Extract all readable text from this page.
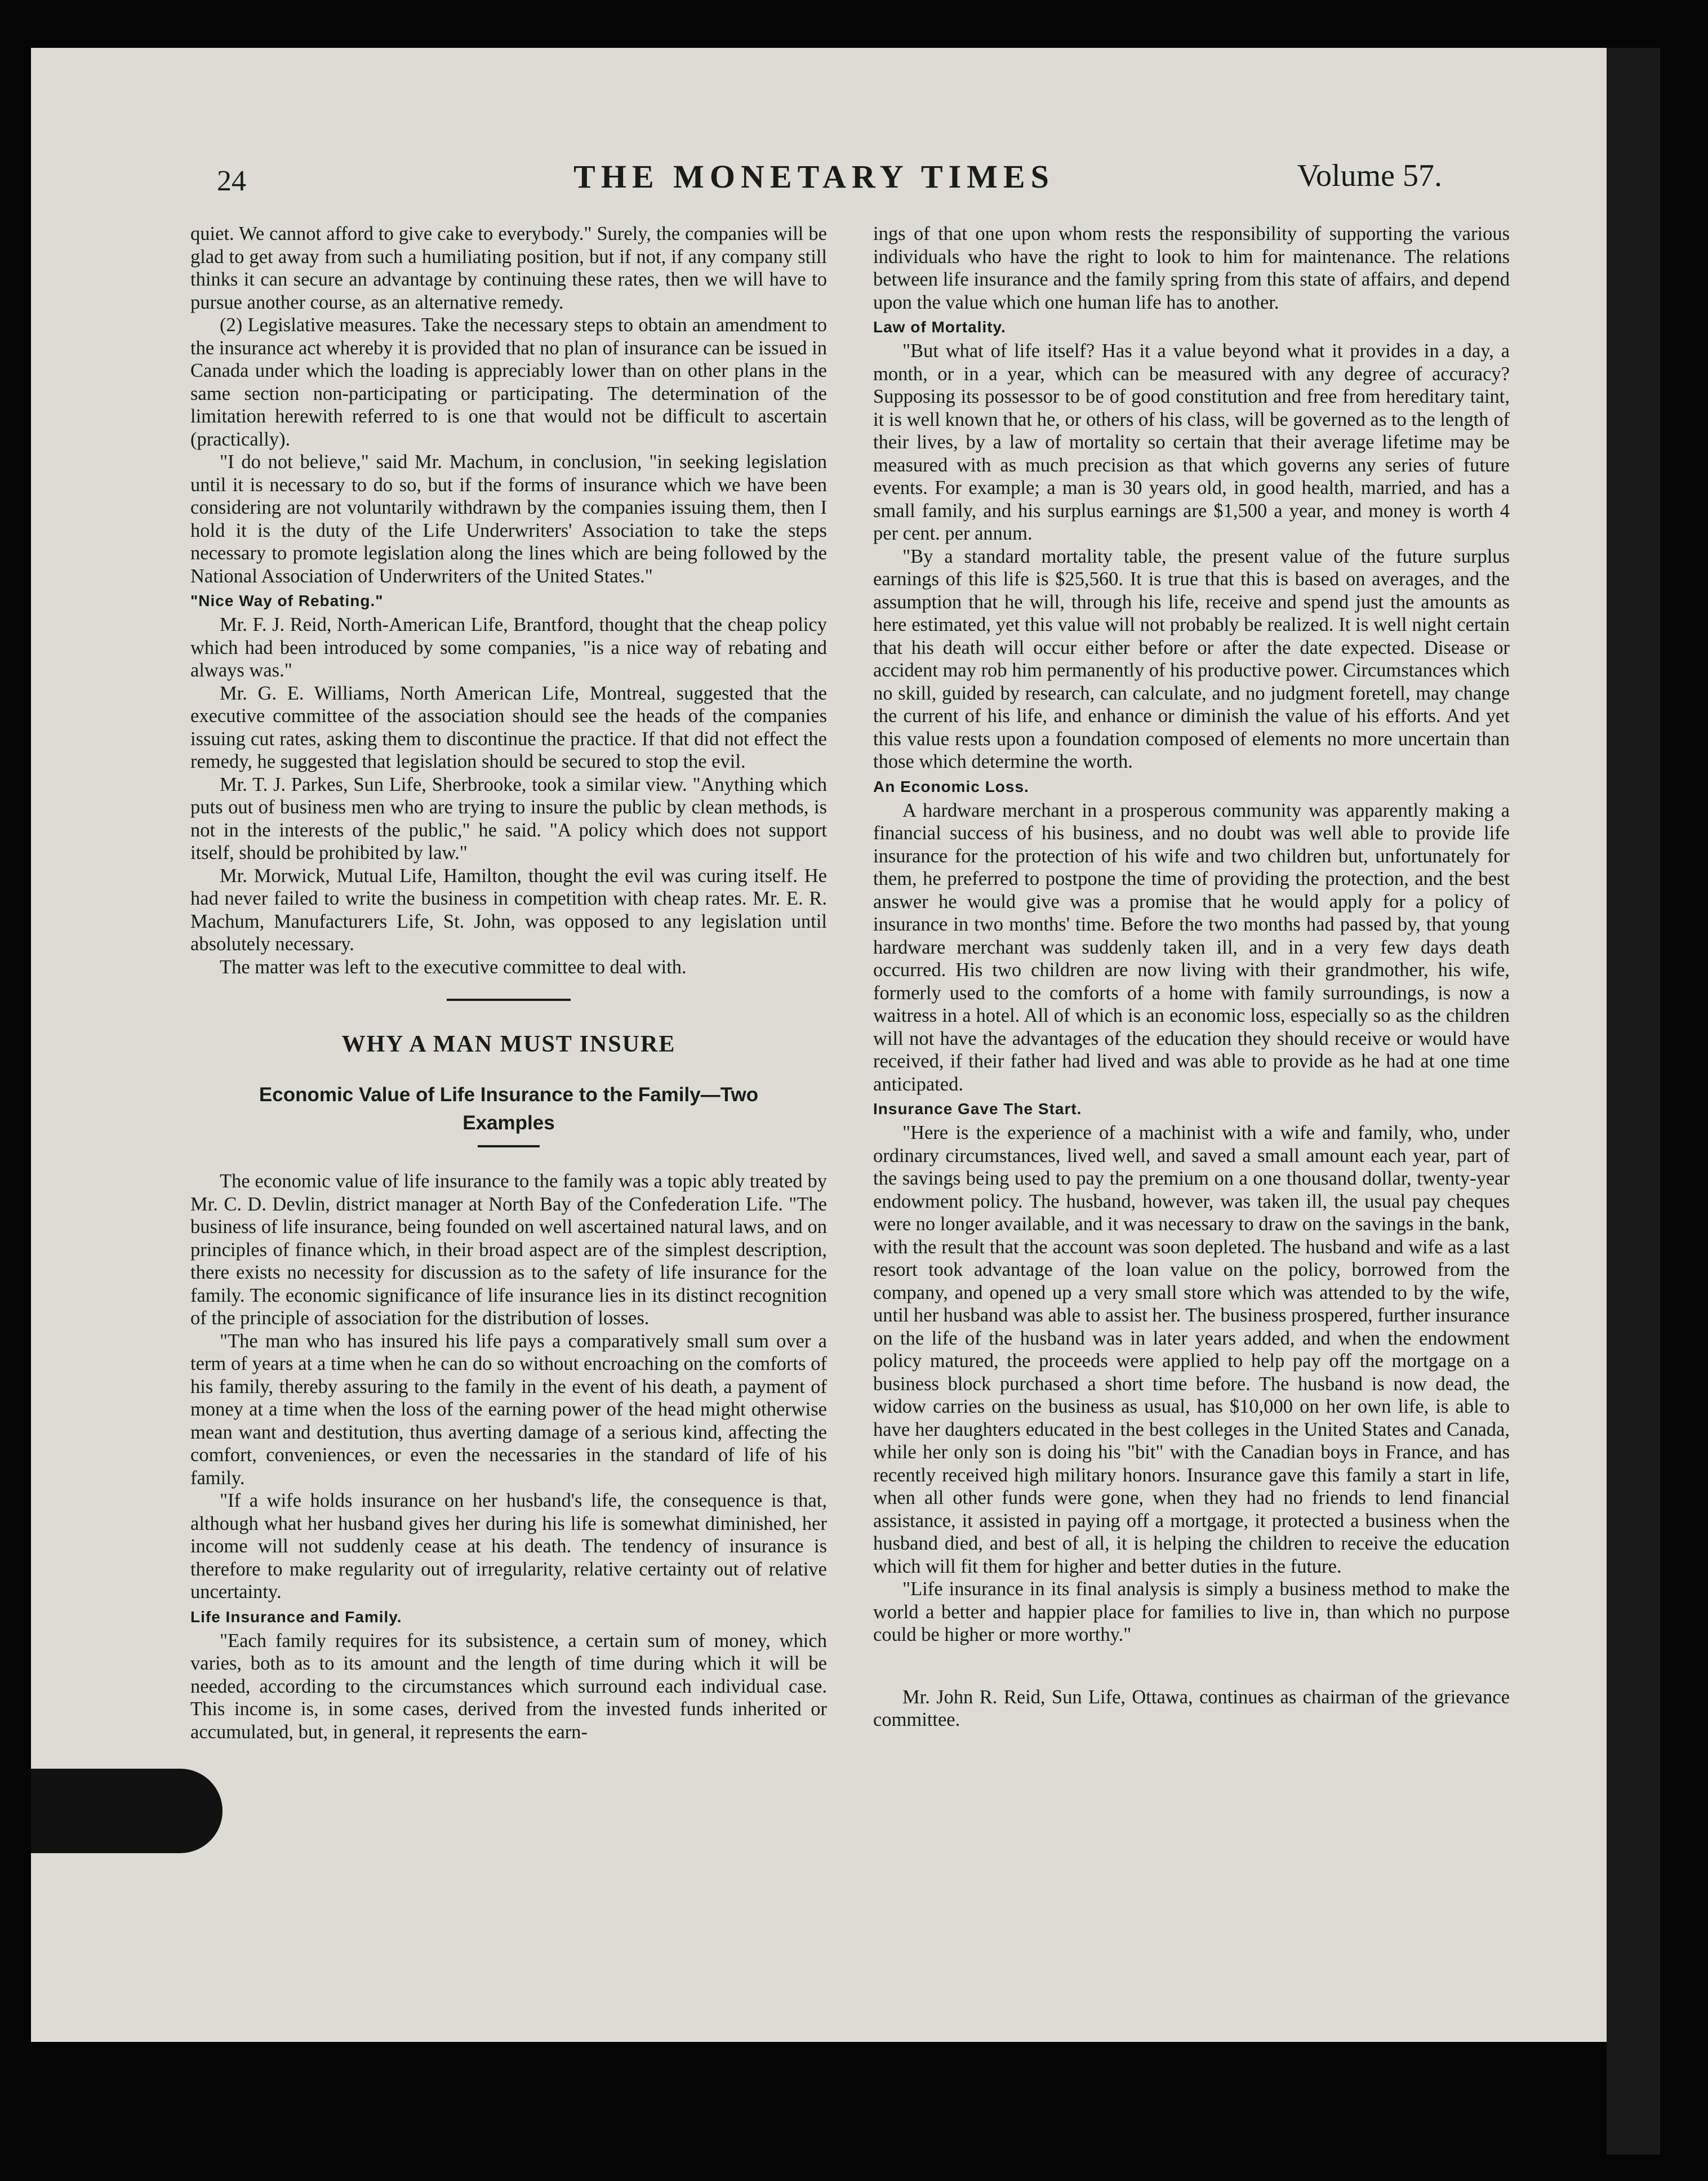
24	THE MONETARY TIMES	Volume 57.

quiet. We cannot afford to give cake to everybody." Surely, the companies will be glad to get away from such a humiliating position, but if not, if any company still thinks it can secure an advantage by continuing these rates, then we will have to pursue another course, as an alternative remedy.

(2) Legislative measures. Take the necessary steps to obtain an amendment to the insurance act whereby it is provided that no plan of insurance can be issued in Canada under which the loading is appreciably lower than on other plans in the same section non-participating or participating. The determination of the limitation herewith referred to is one that would not be difficult to ascertain (practically).

"I do not believe," said Mr. Machum, in conclusion, "in seeking legislation until it is necessary to do so, but if the forms of insurance which we have been considering are not voluntarily withdrawn by the companies issuing them, then I hold it is the duty of the Life Underwriters' Association to take the steps necessary to promote legislation along the lines which are being followed by the National Association of Underwriters of the United States."

"Nice Way of Rebating."

Mr. F. J. Reid, North-American Life, Brantford, thought that the cheap policy which had been introduced by some companies, "is a nice way of rebating and always was."

Mr. G. E. Williams, North American Life, Montreal, suggested that the executive committee of the association should see the heads of the companies issuing cut rates, asking them to discontinue the practice. If that did not effect the remedy, he suggested that legislation should be secured to stop the evil.

Mr. T. J. Parkes, Sun Life, Sherbrooke, took a similar view. "Anything which puts out of business men who are trying to insure the public by clean methods, is not in the interests of the public," he said. "A policy which does not support itself, should be prohibited by law."

Mr. Morwick, Mutual Life, Hamilton, thought the evil was curing itself. He had never failed to write the business in competition with cheap rates. Mr. E. R. Machum, Manufacturers Life, St. John, was opposed to any legislation until absolutely necessary.

The matter was left to the executive committee to deal with.

WHY A MAN MUST INSURE
Economic Value of Life Insurance to the Family—Two Examples

The economic value of life insurance to the family was a topic ably treated by Mr. C. D. Devlin, district manager at North Bay of the Confederation Life. "The business of life insurance, being founded on well ascertained natural laws, and on principles of finance which, in their broad aspect are of the simplest description, there exists no necessity for discussion as to the safety of life insurance for the family. The economic significance of life insurance lies in its distinct recognition of the principle of association for the distribution of losses.

"The man who has insured his life pays a comparatively small sum over a term of years at a time when he can do so without encroaching on the comforts of his family, thereby assuring to the family in the event of his death, a payment of money at a time when the loss of the earning power of the head might otherwise mean want and destitution, thus averting damage of a serious kind, affecting the comfort, conveniences, or even the necessaries in the standard of life of his family.

"If a wife holds insurance on her husband's life, the consequence is that, although what her husband gives her during his life is somewhat diminished, her income will not suddenly cease at his death. The tendency of insurance is therefore to make regularity out of irregularity, relative certainty out of relative uncertainty.

Life Insurance and Family.

"Each family requires for its subsistence, a certain sum of money, which varies, both as to its amount and the length of time during which it will be needed, according to the circumstances which surround each individual case. This income is, in some cases, derived from the invested funds inherited or accumulated, but, in general, it represents the earn-

ings of that one upon whom rests the responsibility of supporting the various individuals who have the right to look to him for maintenance. The relations between life insurance and the family spring from this state of affairs, and depend upon the value which one human life has to another.

Law of Mortality.

"But what of life itself? Has it a value beyond what it provides in a day, a month, or in a year, which can be measured with any degree of accuracy? Supposing its possessor to be of good constitution and free from hereditary taint, it is well known that he, or others of his class, will be governed as to the length of their lives, by a law of mortality so certain that their average lifetime may be measured with as much precision as that which governs any series of future events. For example; a man is 30 years old, in good health, married, and has a small family, and his surplus earnings are $1,500 a year, and money is worth 4 per cent. per annum.

"By a standard mortality table, the present value of the future surplus earnings of this life is $25,560. It is true that this is based on averages, and the assumption that he will, through his life, receive and spend just the amounts as here estimated, yet this value will not probably be realized. It is well night certain that his death will occur either before or after the date expected. Disease or accident may rob him permanently of his productive power. Circumstances which no skill, guided by research, can calculate, and no judgment foretell, may change the current of his life, and enhance or diminish the value of his efforts. And yet this value rests upon a foundation composed of elements no more uncertain than those which determine the worth.

An Economic Loss.

A hardware merchant in a prosperous community was apparently making a financial success of his business, and no doubt was well able to provide life insurance for the protection of his wife and two children but, unfortunately for them, he preferred to postpone the time of providing the protection, and the best answer he would give was a promise that he would apply for a policy of insurance in two months' time. Before the two months had passed by, that young hardware merchant was suddenly taken ill, and in a very few days death occurred. His two children are now living with their grandmother, his wife, formerly used to the comforts of a home with family surroundings, is now a waitress in a hotel. All of which is an economic loss, especially so as the children will not have the advantages of the education they should receive or would have received, if their father had lived and was able to provide as he had at one time anticipated.

Insurance Gave The Start.

"Here is the experience of a machinist with a wife and family, who, under ordinary circumstances, lived well, and saved a small amount each year, part of the savings being used to pay the premium on a one thousand dollar, twenty-year endowment policy. The husband, however, was taken ill, the usual pay cheques were no longer available, and it was necessary to draw on the savings in the bank, with the result that the account was soon depleted. The husband and wife as a last resort took advantage of the loan value on the policy, borrowed from the company, and opened up a very small store which was attended to by the wife, until her husband was able to assist her. The business prospered, further insurance on the life of the husband was in later years added, and when the endowment policy matured, the proceeds were applied to help pay off the mortgage on a business block purchased a short time before. The husband is now dead, the widow carries on the business as usual, has $10,000 on her own life, is able to have her daughters educated in the best colleges in the United States and Canada, while her only son is doing his "bit" with the Canadian boys in France, and has recently received high military honors. Insurance gave this family a start in life, when all other funds were gone, when they had no friends to lend financial assistance, it assisted in paying off a mortgage, it protected a business when the husband died, and best of all, it is helping the children to receive the education which will fit them for higher and better duties in the future.

"Life insurance in its final analysis is simply a business method to make the world a better and happier place for families to live in, than which no purpose could be higher or more worthy."

Mr. John R. Reid, Sun Life, Ottawa, continues as chairman of the grievance committee.
